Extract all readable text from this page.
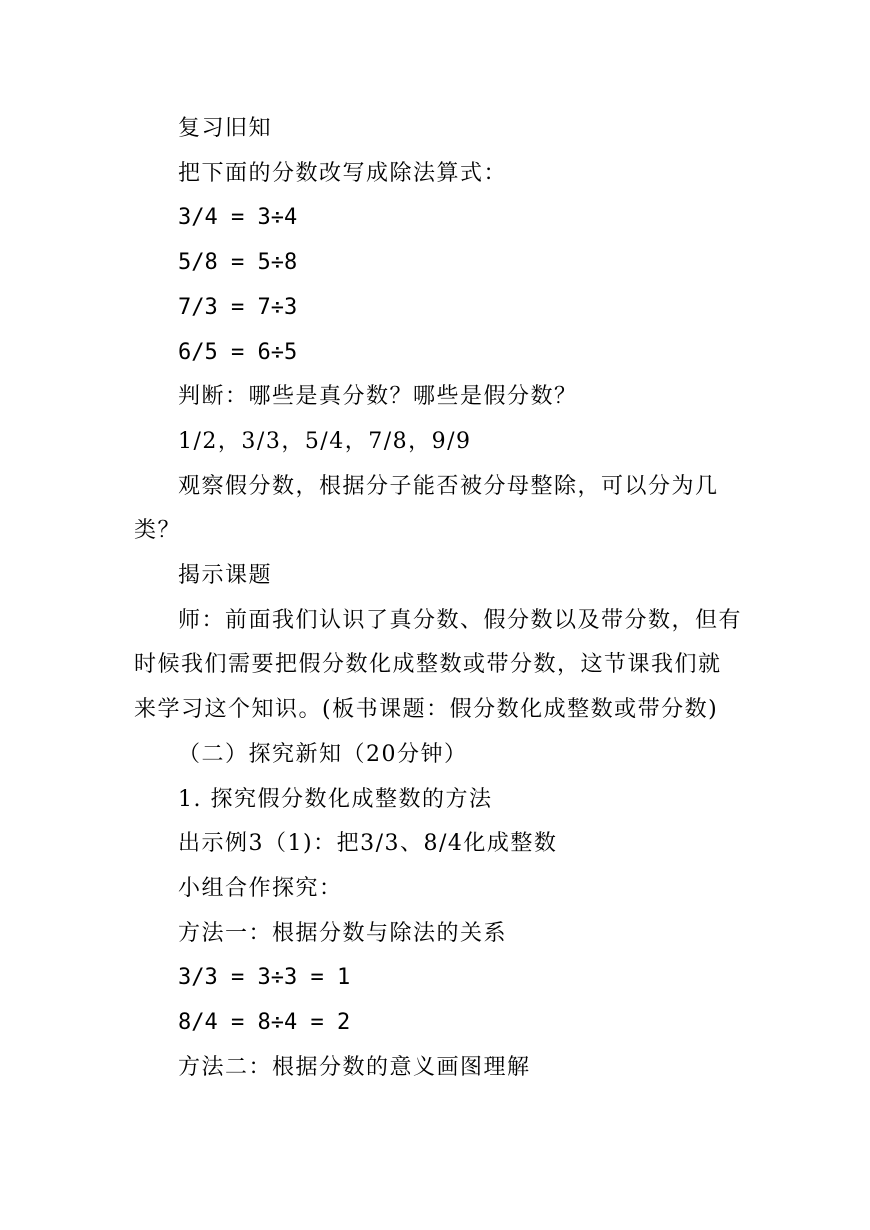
复习旧知

把下面的分数改写成除法算式：

3/4 = 3÷4

5/8 = 5÷8

7/3 = 7÷3

6/5 = 6÷5

判断：哪些是真分数？哪些是假分数？

1/2，3/3，5/4，7/8，9/9

观察假分数，根据分子能否被分母整除，可以分为几类？

揭示课题

师：前面我们认识了真分数、假分数以及带分数，但有时候我们需要把假分数化成整数或带分数，这节课我们就来学习这个知识。(板书课题：假分数化成整数或带分数)

（二）探究新知（20分钟）

1. 探究假分数化成整数的方法

出示例3（1)：把3/3、8/4化成整数

小组合作探究：

方法一：根据分数与除法的关系

3/3 = 3÷3 = 1

8/4 = 8÷4 = 2

方法二：根据分数的意义画图理解
